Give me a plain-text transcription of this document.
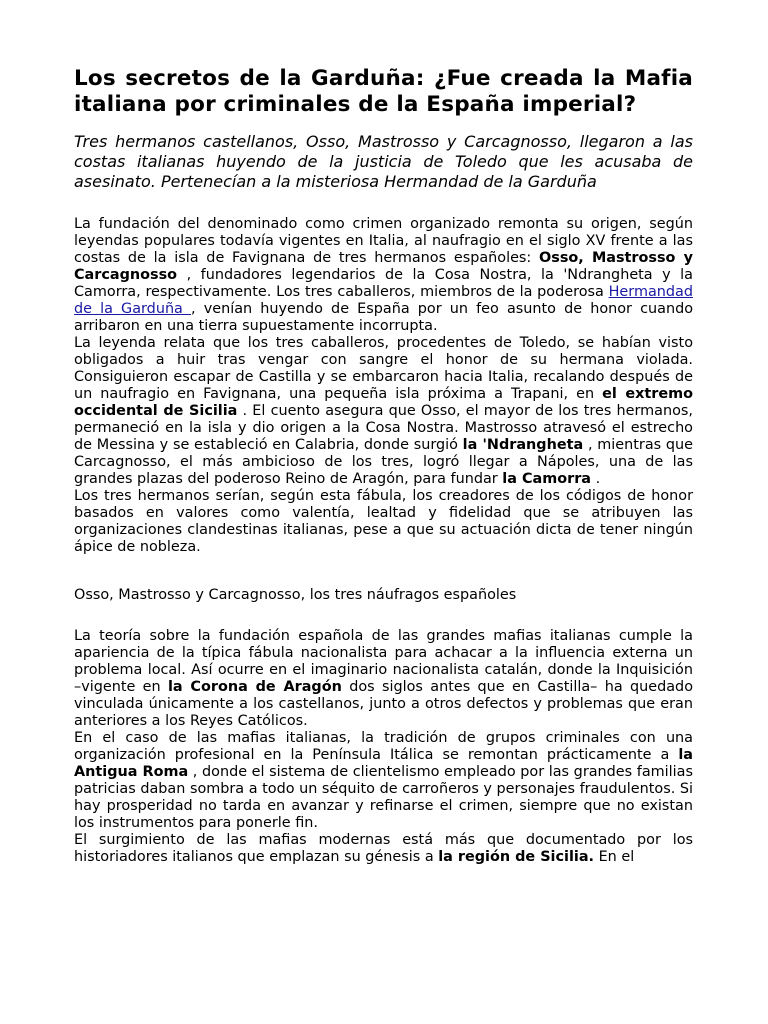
Los secretos de la Garduña: ¿Fue creada la Mafia italiana por criminales de la España imperial?

Tres hermanos castellanos, Osso, Mastrosso y Carcagnosso, llegaron a las costas italianas huyendo de la justicia de Toledo que les acusaba de asesinato. Pertenecían a la misteriosa Hermandad de la Garduña

La fundación del denominado como crimen organizado remonta su origen, según leyendas populares todavía vigentes en Italia, al naufragio en el siglo XV frente a las costas de la isla de Favignana de tres hermanos españoles: Osso, Mastrosso y Carcagnosso , fundadores legendarios de la Cosa Nostra, la 'Ndrangheta y la Camorra, respectivamente. Los tres caballeros, miembros de la poderosa Hermandad de la Garduña , venían huyendo de España por un feo asunto de honor cuando arribaron en una tierra supuestamente incorrupta.

La leyenda relata que los tres caballeros, procedentes de Toledo, se habían visto obligados a huir tras vengar con sangre el honor de su hermana violada. Consiguieron escapar de Castilla y se embarcaron hacia Italia, recalando después de un naufragio en Favignana, una pequeña isla próxima a Trapani, en el extremo occidental de Sicilia . El cuento asegura que Osso, el mayor de los tres hermanos, permaneció en la isla y dio origen a la Cosa Nostra. Mastrosso atravesó el estrecho de Messina y se estableció en Calabria, donde surgió la 'Ndrangheta , mientras que Carcagnosso, el más ambicioso de los tres, logró llegar a Nápoles, una de las grandes plazas del poderoso Reino de Aragón, para fundar la Camorra .

Los tres hermanos serían, según esta fábula, los creadores de los códigos de honor basados en valores como valentía, lealtad y fidelidad que se atribuyen las organizaciones clandestinas italianas, pese a que su actuación dicta de tener ningún ápice de nobleza.

Osso, Mastrosso y Carcagnosso, los tres náufragos españoles

La teoría sobre la fundación española de las grandes mafias italianas cumple la apariencia de la típica fábula nacionalista para achacar a la influencia externa un problema local. Así ocurre en el imaginario nacionalista catalán, donde la Inquisición –vigente en la Corona de Aragón dos siglos antes que en Castilla– ha quedado vinculada únicamente a los castellanos, junto a otros defectos y problemas que eran anteriores a los Reyes Católicos.

En el caso de las mafias italianas, la tradición de grupos criminales con una organización profesional en la Península Itálica se remontan prácticamente a la Antigua Roma , donde el sistema de clientelismo empleado por las grandes familias patricias daban sombra a todo un séquito de carroñeros y personajes fraudulentos. Si hay prosperidad no tarda en avanzar y refinarse el crimen, siempre que no existan los instrumentos para ponerle fin.

El surgimiento de las mafias modernas está más que documentado por los historiadores italianos que emplazan su génesis a la región de Sicilia. En el
